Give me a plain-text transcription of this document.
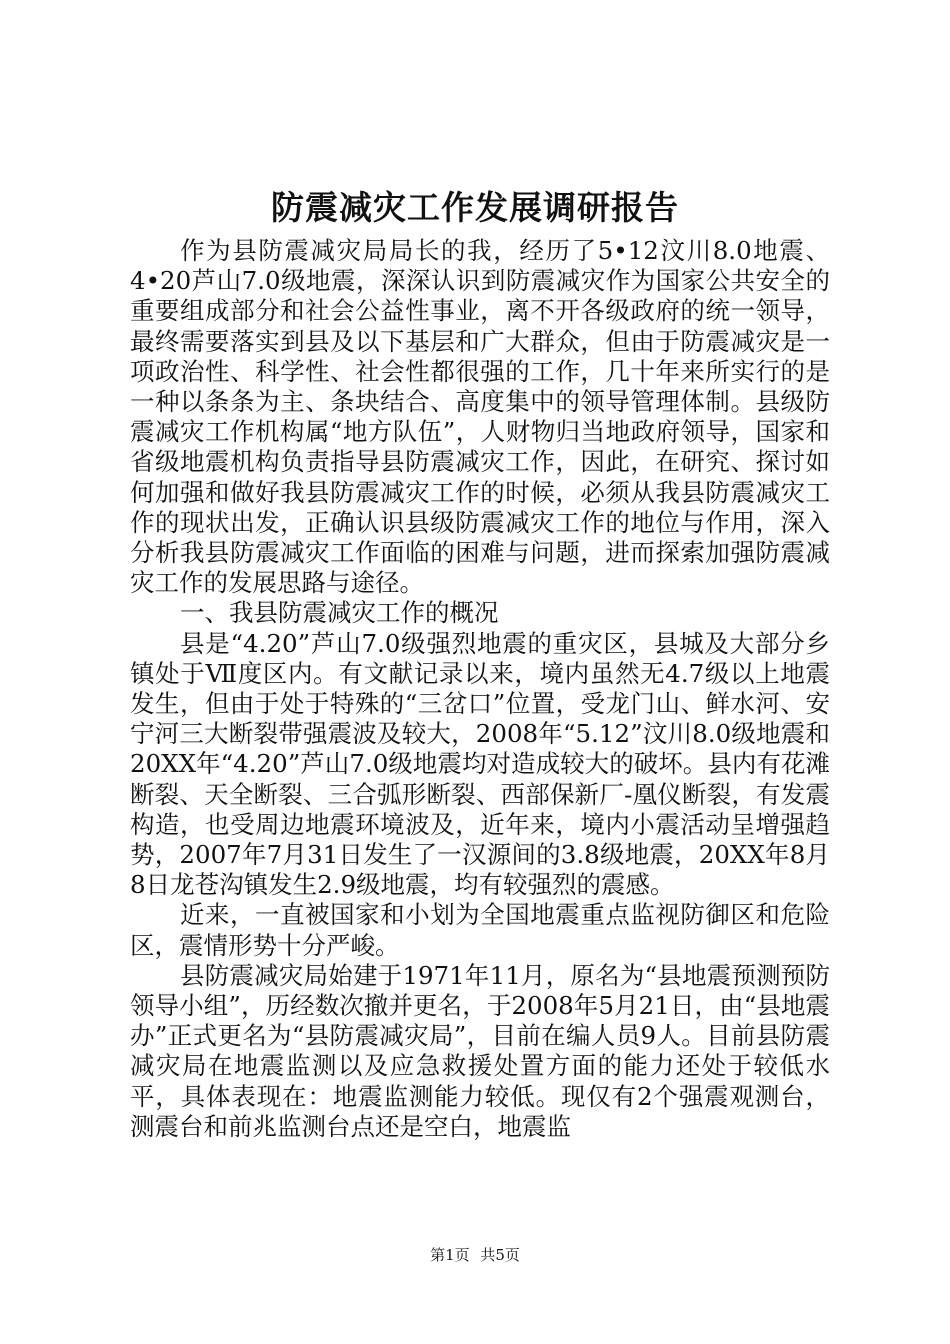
防震减灾工作发展调研报告

作为县防震减灾局局长的我，经历了5•12汶川8.0地震、4•20芦山7.0级地震，深深认识到防震减灾作为国家公共安全的重要组成部分和社会公益性事业，离不开各级政府的统一领导，最终需要落实到县及以下基层和广大群众，但由于防震减灾是一项政治性、科学性、社会性都很强的工作，几十年来所实行的是一种以条条为主、条块结合、高度集中的领导管理体制。县级防震减灾工作机构属“地方队伍”，人财物归当地政府领导，国家和省级地震机构负责指导县防震减灾工作，因此，在研究、探讨如何加强和做好我县防震减灾工作的时候，必须从我县防震减灾工作的现状出发，正确认识县级防震减灾工作的地位与作用，深入分析我县防震减灾工作面临的困难与问题，进而探索加强防震减灾工作的发展思路与途径。

一、我县防震减灾工作的概况

县是“4.20”芦山7.0级强烈地震的重灾区，县城及大部分乡镇处于Ⅶ度区内。有文献记录以来，境内虽然无4.7级以上地震发生，但由于处于特殊的“三岔口”位置，受龙门山、鲜水河、安宁河三大断裂带强震波及较大，2008年“5.12”汶川8.0级地震和20XX年“4.20”芦山7.0级地震均对造成较大的破坏。县内有花滩断裂、天全断裂、三合弧形断裂、西部保新厂-凰仪断裂，有发震构造，也受周边地震环境波及，近年来，境内小震活动呈增强趋势，2007年7月31日发生了一汉源间的3.8级地震，20XX年8月8日龙苍沟镇发生2.9级地震，均有较强烈的震感。

近来，一直被国家和小划为全国地震重点监视防御区和危险区，震情形势十分严峻。

县防震减灾局始建于1971年11月，原名为“县地震预测预防领导小组”，历经数次撤并更名，于2008年5月21日，由“县地震办”正式更名为“县防震减灾局”，目前在编人员9人。目前县防震减灾局在地震监测以及应急救援处置方面的能力还处于较低水平，具体表现在：地震监测能力较低。现仅有2个强震观测台，测震台和前兆监测台点还是空白，地震监

第1页 共5页
